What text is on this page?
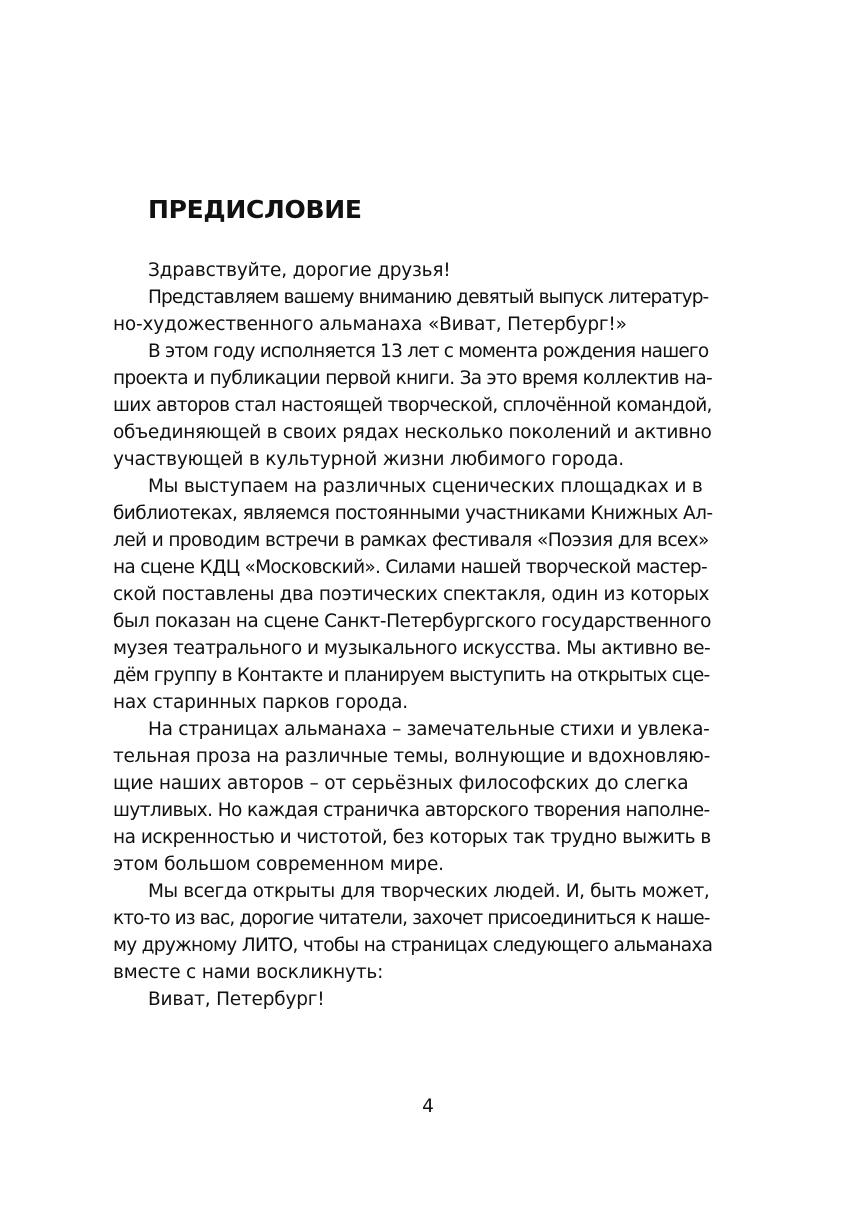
ПРЕДИСЛОВИЕ

Здравствуйте, дорогие друзья!

Представляем вашему вниманию девятый выпуск литератур-

но-художественного альманаха «Виват, Петербург!»

В этом году исполняется 13 лет с момента рождения нашего

проекта и публикации первой книги. За это время коллектив на-

ших авторов стал настоящей творческой, сплочённой командой,

объединяющей в своих рядах несколько поколений и активно

участвующей в культурной жизни любимого города.

Мы выступаем на различных сценических площадках и в

библиотеках, являемся постоянными участниками Книжных Ал-

лей и проводим встречи в рамках фестиваля «Поэзия для всех»

на сцене КДЦ «Московский». Силами нашей творческой мастер-

ской поставлены два поэтических спектакля, один из которых

был показан на сцене Санкт-Петербургского государственного

музея театрального и музыкального искусства. Мы активно ве-

дём группу в Контакте и планируем выступить на открытых сце-

нах старинных парков города.

На страницах альманаха – замечательные стихи и увлека-

тельная проза на различные темы, волнующие и вдохновляю-

щие наших авторов – от серьёзных философских до слегка

шутливых. Но каждая страничка авторского творения наполне-

на искренностью и чистотой, без которых так трудно выжить в

этом большом современном мире.

Мы всегда открыты для творческих людей. И, быть может,

кто-то из вас, дорогие читатели, захочет присоединиться к наше-

му дружному ЛИТО, чтобы на страницах следующего альманаха

вместе с нами воскликнуть:

Виват, Петербург!

4
